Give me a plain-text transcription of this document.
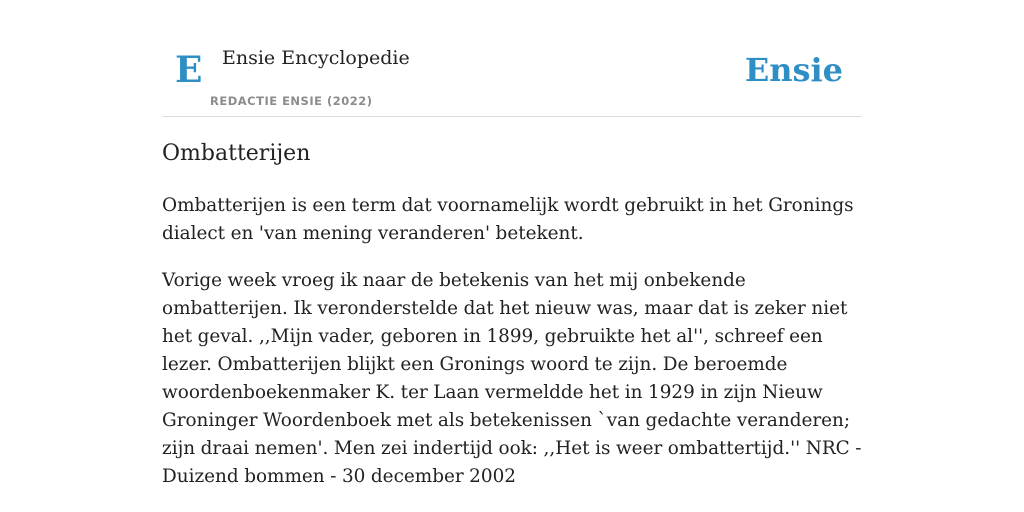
E Ensie Encyclopedie
REDACTIE ENSIE (2022)
Ensie
Ombatterijen

Ombatterijen is een term dat voornamelijk wordt gebruikt in het Gronings dialect en 'van mening veranderen' betekent.

Vorige week vroeg ik naar de betekenis van het mij onbekende ombatterijen. Ik veronderstelde dat het nieuw was, maar dat is zeker niet het geval. ,,Mijn vader, geboren in 1899, gebruikte het al'', schreef een lezer. Ombatterijen blijkt een Gronings woord te zijn. De beroemde woordenboekenmaker K. ter Laan vermeldde het in 1929 in zijn Nieuw Groninger Woordenboek met als betekenissen `van gedachte veranderen; zijn draai nemen'. Men zei indertijd ook: ,,Het is weer ombattertijd.'' NRC - Duizend bommen - 30 december 2002
